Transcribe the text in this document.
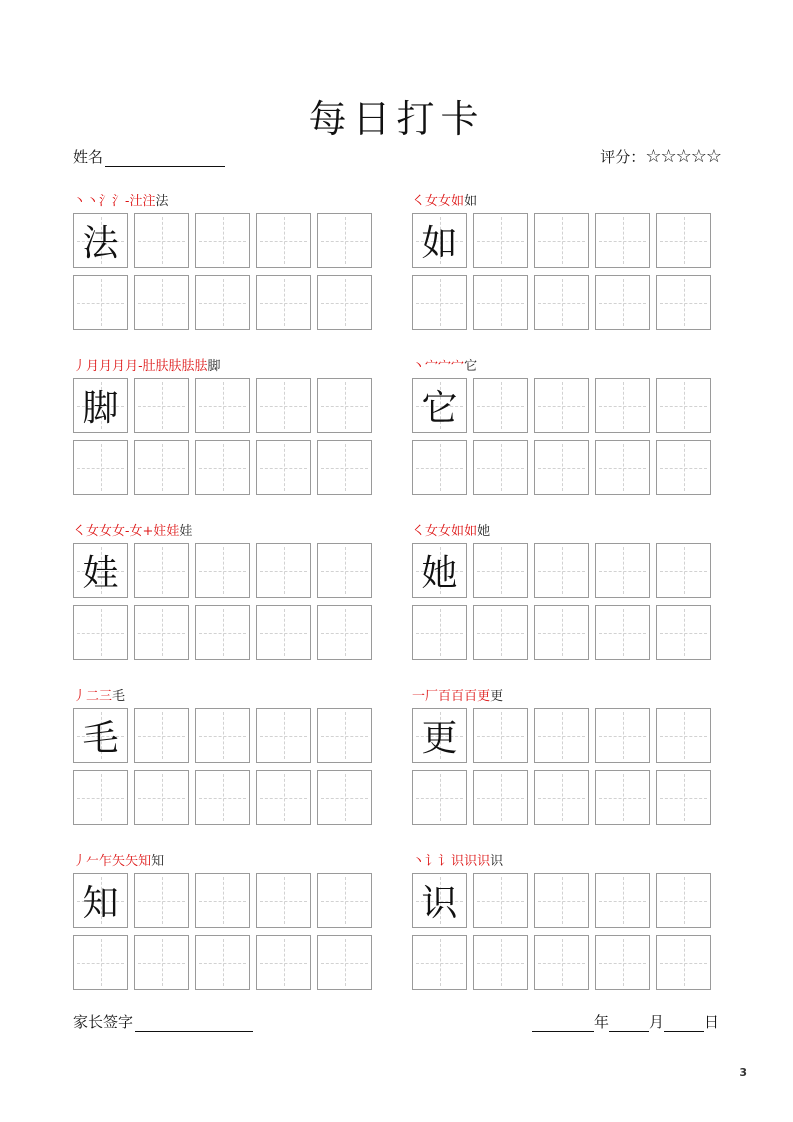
每日打卡
姓名	评分：☆☆☆☆☆
丶丶氵氵-汢注法
法
㇛女女如如
如
丿月月月月-肚肤肤胠胠脚
脚
丶宀宀宀它
它
㇛女女女-女+妵娃娃
娃
㇛女女如如她
她
丿二三毛
毛
一厂百百百更更
更
丿𠂉乍矢矢知知
知
丶讠讠识识识识
识
家长签字	年	月	日
3
